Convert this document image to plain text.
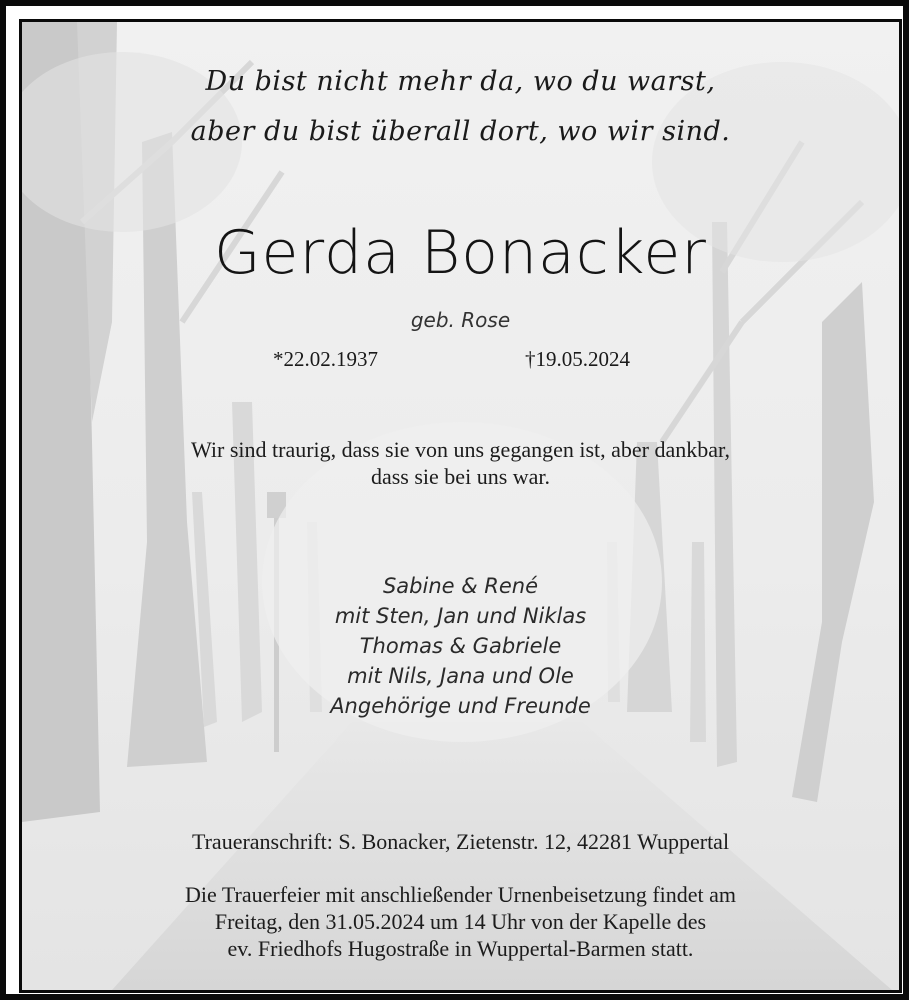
Du bist nicht mehr da, wo du warst,
aber du bist überall dort, wo wir sind.
Gerda Bonacker
geb. Rose
*22.02.1937	†19.05.2024
Wir sind traurig, dass sie von uns gegangen ist, aber dankbar,
dass sie bei uns war.
Sabine & René
mit Sten, Jan und Niklas
Thomas & Gabriele
mit Nils, Jana und Ole
Angehörige und Freunde
Traueranschrift: S. Bonacker, Zietenstr. 12, 42281 Wuppertal
Die Trauerfeier mit anschließender Urnenbeisetzung findet am
Freitag, den 31.05.2024 um 14 Uhr von der Kapelle des
ev. Friedhofs Hugostraße in Wuppertal-Barmen statt.
